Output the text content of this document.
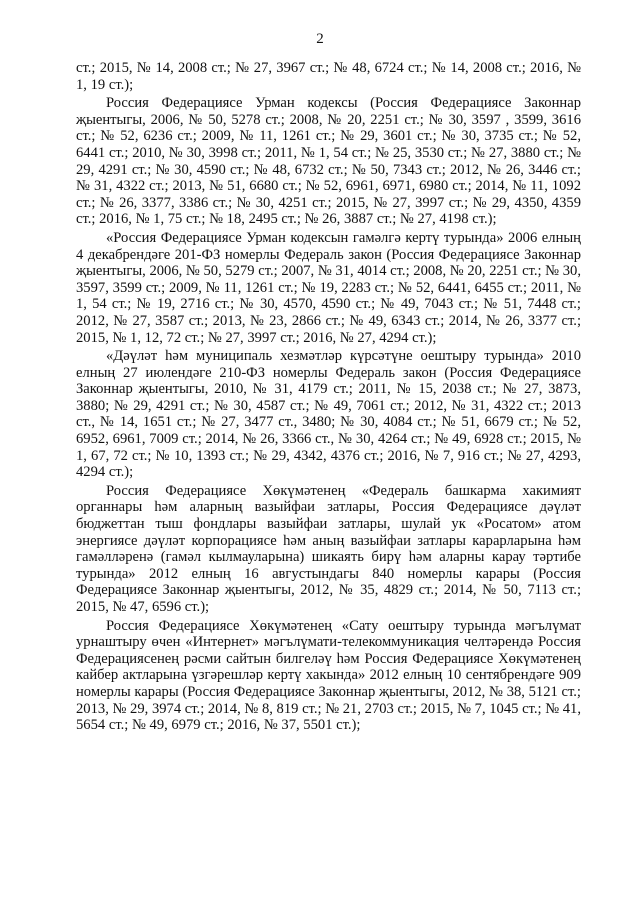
2

ст.; 2015, № 14, 2008 ст.; № 27, 3967 ст.; № 48, 6724 ст.; № 14, 2008 ст.; 2016, № 1, 19 ст.);

Россия Федерациясе Урман кодексы (Россия Федерациясе Законнар җыентыгы, 2006, № 50, 5278 ст.; 2008, № 20, 2251 ст.; № 30, 3597 , 3599, 3616 ст.; № 52, 6236 ст.; 2009, № 11, 1261 ст.; № 29, 3601 ст.; № 30, 3735 ст.; № 52, 6441 ст.; 2010, № 30, 3998 ст.; 2011, № 1, 54 ст.; № 25, 3530 ст.; № 27, 3880 ст.; № 29, 4291 ст.; № 30, 4590 ст.; № 48, 6732 ст.; № 50, 7343 ст.; 2012, № 26, 3446 ст.; № 31, 4322 ст.; 2013, № 51, 6680 ст.; № 52, 6961, 6971, 6980 ст.; 2014, № 11, 1092 ст.; № 26, 3377, 3386 ст.; № 30, 4251 ст.; 2015, № 27, 3997 ст.; № 29, 4350, 4359 ст.; 2016, № 1, 75 ст.; № 18, 2495 ст.; № 26, 3887 ст.; № 27, 4198 ст.);

«Россия Федерациясе Урман кодексын гамәлгә кертү турында» 2006 елның 4 декабрендәге 201-ФЗ номерлы Федераль закон (Россия Федерациясе Законнар җыентыгы, 2006, № 50, 5279 ст.; 2007, № 31, 4014 ст.; 2008, № 20, 2251 ст.; № 30, 3597, 3599 ст.; 2009, № 11, 1261 ст.; № 19, 2283 ст.; № 52, 6441, 6455 ст.; 2011, № 1, 54 ст.; № 19, 2716 ст.; № 30, 4570, 4590 ст.; № 49, 7043 ст.; № 51, 7448 ст.; 2012, № 27, 3587 ст.; 2013, № 23, 2866 ст.; № 49, 6343 ст.; 2014, № 26, 3377 ст.; 2015, № 1, 12, 72 ст.; № 27, 3997 ст.; 2016, № 27, 4294 ст.);

«Дәүләт һәм муниципаль хезмәтләр күрсәтүне оештыру турында» 2010 елның 27 июлендәге 210-ФЗ номерлы Федераль закон (Россия Федерациясе Законнар җыентыгы, 2010, № 31, 4179 ст.; 2011, № 15, 2038 ст.; № 27, 3873, 3880; № 29, 4291 ст.; № 30, 4587 ст.; № 49, 7061 ст.; 2012, № 31, 4322 ст.; 2013 ст., № 14, 1651 ст.; № 27, 3477 ст., 3480; № 30, 4084 ст.; № 51, 6679 ст.; № 52, 6952, 6961, 7009 ст.; 2014, № 26, 3366 ст., № 30, 4264 ст.; № 49, 6928 ст.; 2015, № 1, 67, 72 ст.; № 10, 1393 ст.; № 29, 4342, 4376 ст.; 2016, № 7, 916 ст.; № 27, 4293, 4294 ст.);

Россия Федерациясе Хөкүмәтенең «Федераль башкарма хакимият органнары һәм аларның вазыйфаи затлары, Россия Федерациясе дәүләт бюджеттан тыш фондлары вазыйфаи затлары, шулай ук «Росатом» атом энергиясе дәүләт корпорациясе һәм аның вазыйфаи затлары карарларына һәм гамәлләренә (гамәл кылмауларына) шикаять бирү һәм аларны карау тәртибе турында» 2012 елның 16 августындагы 840 номерлы карары (Россия Федерациясе Законнар җыентыгы, 2012, № 35, 4829 ст.; 2014, № 50, 7113 ст.; 2015, № 47, 6596 ст.);

Россия Федерациясе Хөкүмәтенең «Сату оештыру турында мәгълүмат урнаштыру өчен «Интернет» мәгълүмати-телекоммуникация челтәрендә Россия Федерациясенең рәсми сайтын билгеләү һәм Россия Федерациясе Хөкүмәтенең кайбер актларына үзгәрешләр кертү хакында» 2012 елның 10 сентябрендәге 909 номерлы карары (Россия Федерациясе Законнар җыентыгы, 2012, № 38, 5121 ст.; 2013, № 29, 3974 ст.; 2014, № 8, 819 ст.; № 21, 2703 ст.; 2015, № 7, 1045 ст.; № 41, 5654 ст.; № 49, 6979 ст.; 2016, № 37, 5501 ст.);
